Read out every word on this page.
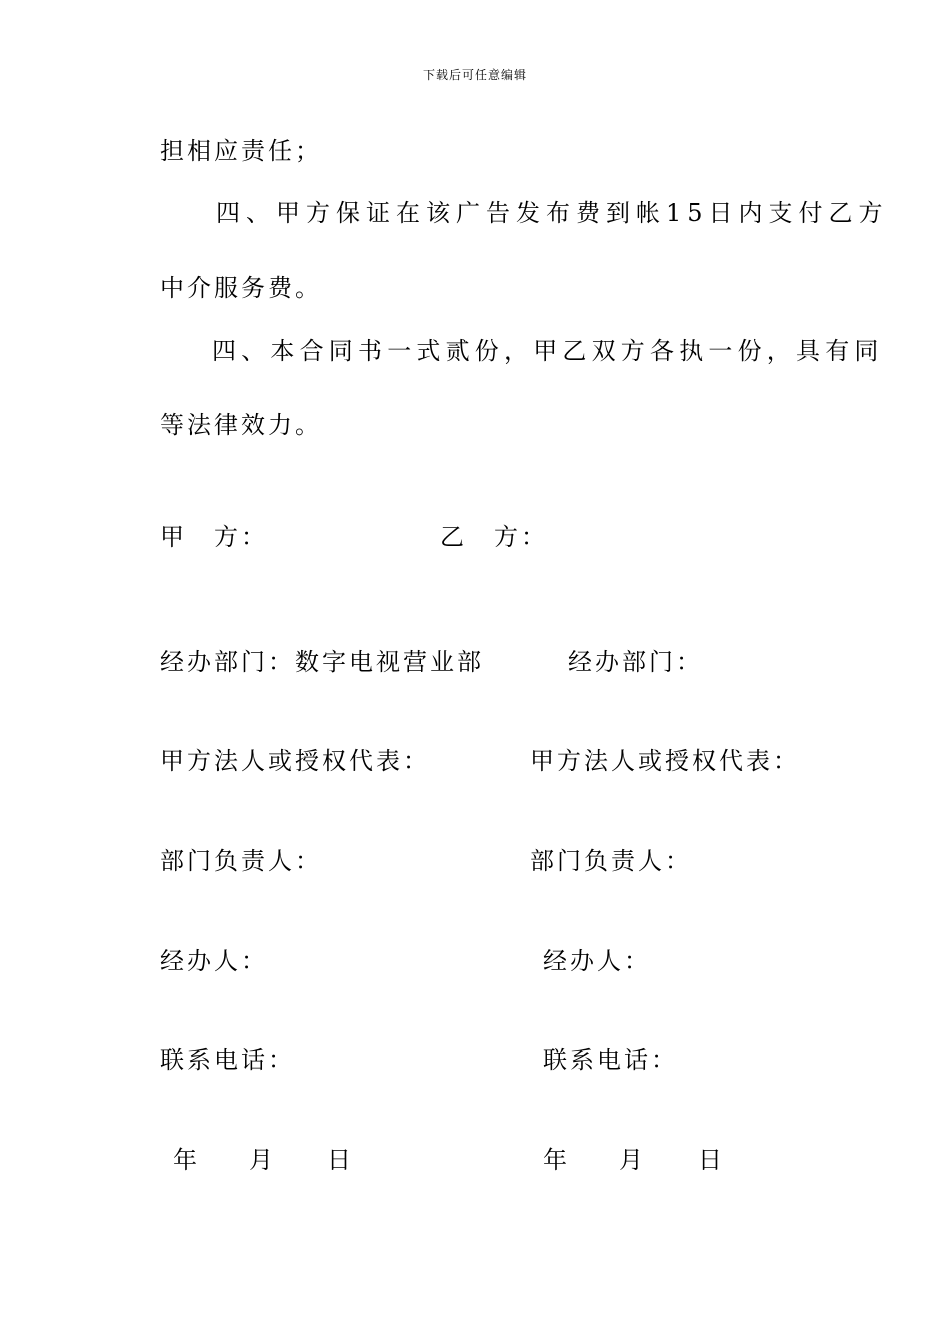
下载后可任意编辑
担相应责任；
四、甲方保证在该广告发布费到帐15日内支付乙方
中介服务费。
四、本合同书一式贰份，甲乙双方各执一份，具有同
等法律效力。
甲　方：
经办部门：数字电视营业部
甲方法人或授权代表：
部门负责人：
经办人：
联系电话：
年 月 日
乙　方：
经办部门：
甲方法人或授权代表：
部门负责人：
经办人：
联系电话：
年 月 日
